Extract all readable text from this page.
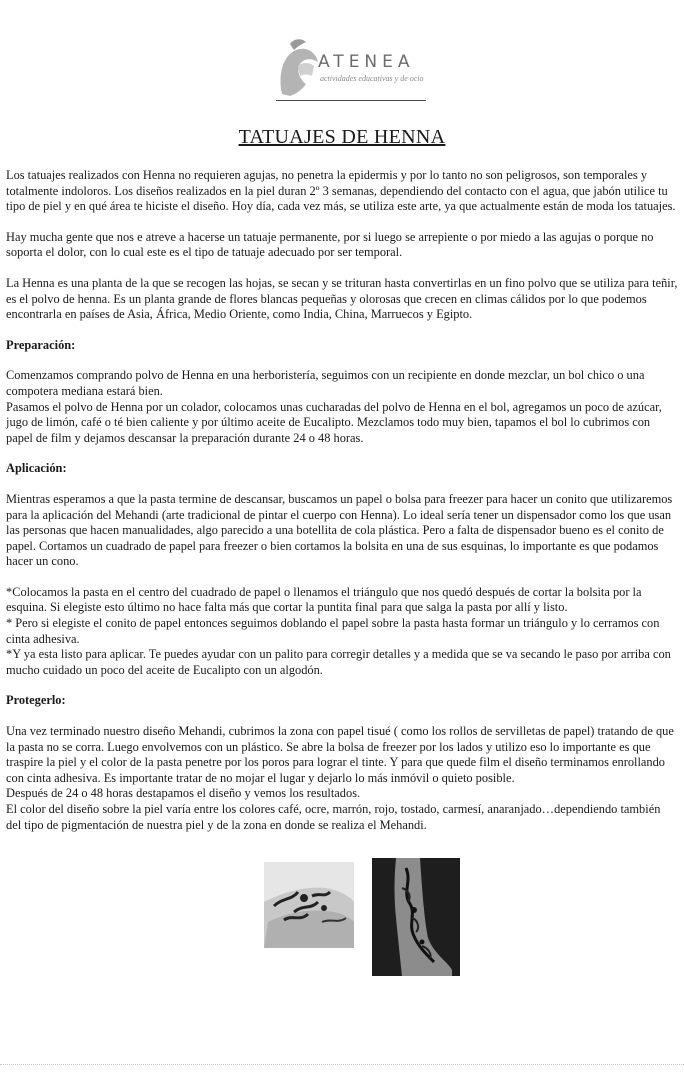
ATENEA
actividades educativas y de ocio
TATUAJES DE HENNA

Los tatuajes realizados con Henna no requieren agujas, no penetra la epidermis y por lo tanto no son peligrosos, son temporales y totalmente indoloros. Los diseños realizados en la piel duran 2º 3 semanas, dependiendo del contacto con el agua, que jabón utilice tu tipo de piel y en qué área te hiciste el diseño. Hoy día, cada vez más, se utiliza este arte, ya que actualmente están de moda los tatuajes.

Hay mucha gente que nos e atreve a hacerse un tatuaje permanente, por si luego se arrepiente o por miedo a las agujas o porque no soporta el dolor, con lo cual este es el tipo de tatuaje adecuado por ser temporal.

La Henna es una planta de la que se recogen las hojas, se secan y se trituran hasta convertirlas en un fino polvo que se utiliza para teñir, es el polvo de henna. Es un planta grande de flores blancas pequeñas y olorosas que crecen en climas cálidos por lo que podemos encontrarla en países de Asia, África, Medio Oriente, como India, China, Marruecos y Egipto.

Preparación:

Comenzamos comprando polvo de Henna en una herboristería, seguimos con un recipiente en donde mezclar, un bol chico o una compotera mediana estará bien.

Pasamos el polvo de Henna por un colador, colocamos unas cucharadas del polvo de Henna en el bol, agregamos un poco de azúcar, jugo de limón, café o té bien caliente y por último aceite de Eucalipto. Mezclamos todo muy bien, tapamos el bol lo cubrimos con papel de film y dejamos descansar la preparación durante 24 o 48 horas.

Aplicación:

Mientras esperamos a que la pasta termine de descansar, buscamos un papel o bolsa para freezer para hacer un conito que utilizaremos para la aplicación del Mehandi (arte tradicional de pintar el cuerpo con Henna). Lo ideal sería tener un dispensador como los que usan las personas que hacen manualidades, algo parecido a una botellita de cola plástica. Pero a falta de dispensador bueno es el conito de papel. Cortamos un cuadrado de papel para freezer o bien cortamos la bolsita en una de sus esquinas, lo importante es que podamos hacer un cono.

*Colocamos la pasta en el centro del cuadrado de papel o llenamos el triángulo que nos quedó después de cortar la bolsita por la esquina. Si elegiste esto último no hace falta más que cortar la puntita final para que salga la pasta por allí y listo.

* Pero si elegiste el conito de papel entonces seguimos doblando el papel sobre la pasta hasta formar un triángulo y lo cerramos con cinta adhesiva.

*Y ya esta listo para aplicar. Te puedes ayudar con un palito para corregir detalles y a medida que se va secando le paso por arriba con mucho cuidado un poco del aceite de Eucalipto con un algodón.

Protegerlo:

Una vez terminado nuestro diseño Mehandi, cubrimos la zona con papel tisué ( como los rollos de servilletas de papel) tratando de que la pasta no se corra. Luego envolvemos con un plástico. Se abre la bolsa de freezer por los lados y utilizo eso lo importante es que traspire la piel y el color de la pasta penetre por los poros para lograr el tinte. Y para que quede film el diseño terminamos enrollando con cinta adhesiva. Es importante tratar de no mojar el lugar y dejarlo lo más inmóvil o quieto posible.

Después de 24 o 48 horas destapamos el diseño y vemos los resultados.

El color del diseño sobre la piel varía entre los colores café, ocre, marrón, rojo, tostado, carmesí, anaranjado…dependiendo también del tipo de pigmentación de nuestra piel y de la zona en donde se realiza el Mehandi.
